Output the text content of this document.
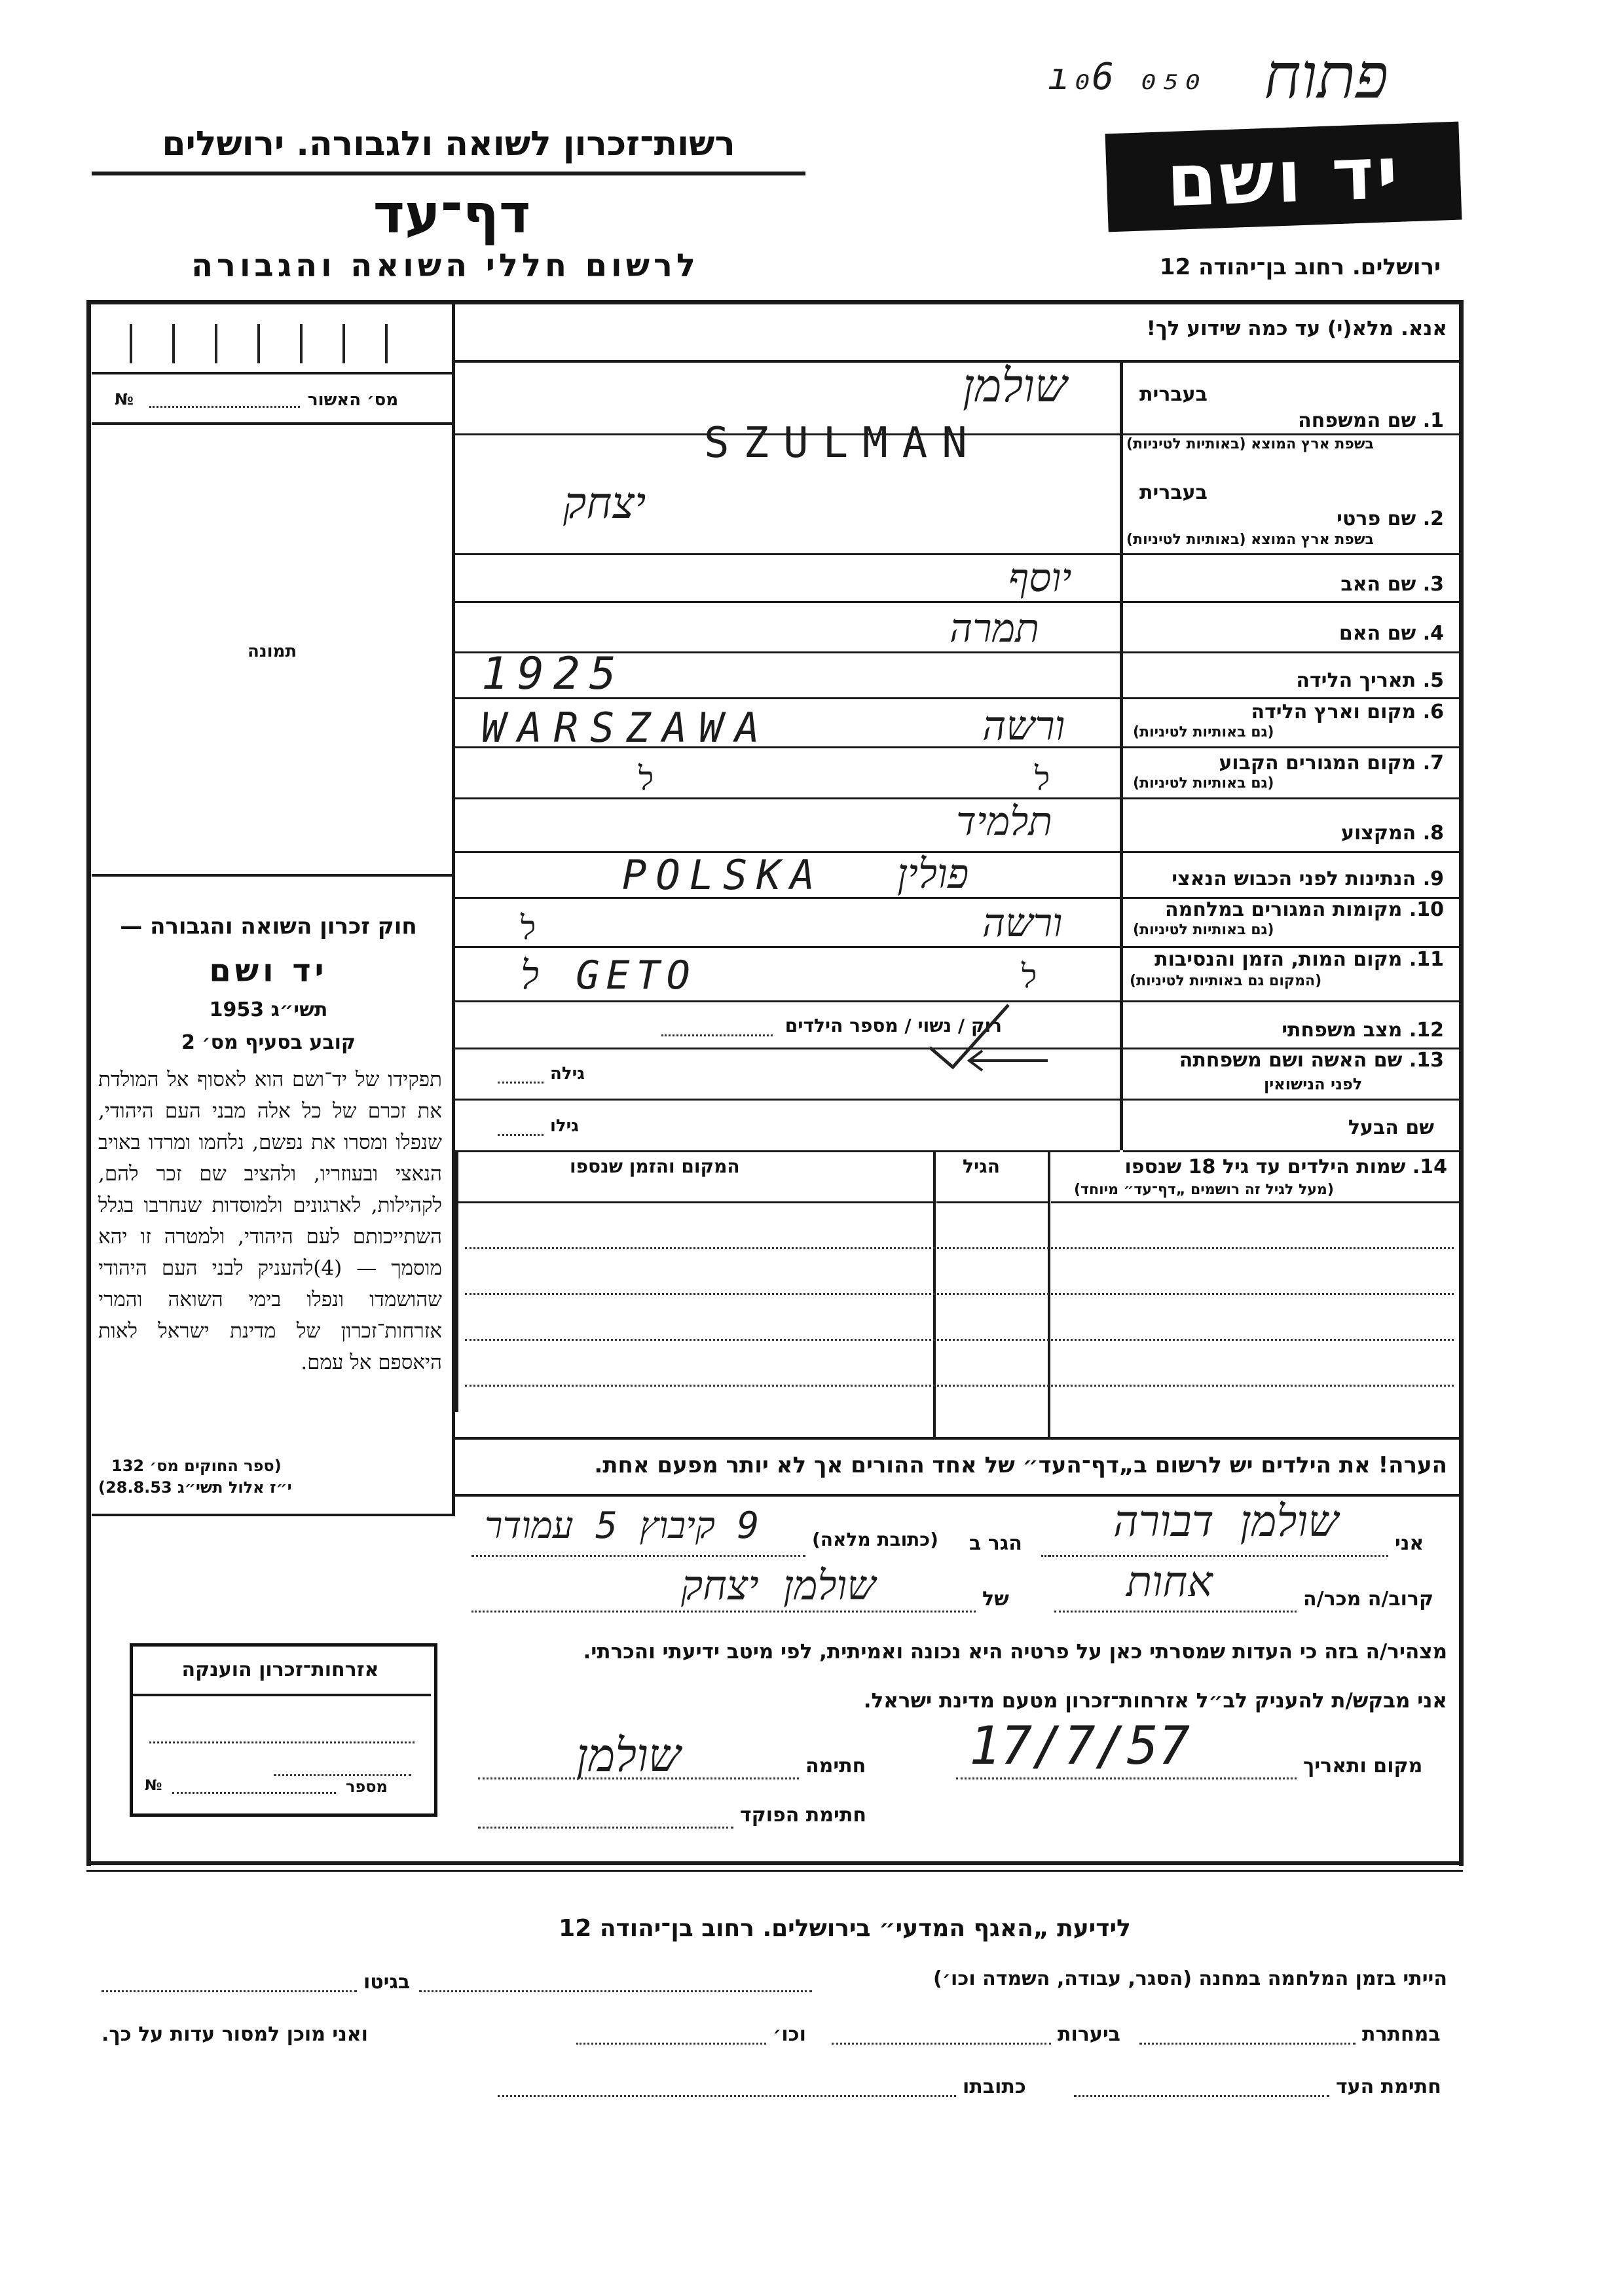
ı₀6 ₀₅₀ פתוח
רשות־זכרון לשואה ולגבורה. ירושלים
דף־עד
לרשום חללי השואה והגבורה
יד ושם
ירושלים. רחוב בן־יהודה 12
№	מס׳ האשור
תמונה
חוק זכרון השואה והגבורה —
יד ושם
תשי״ג 1953
קובע בסעיף מס׳ 2
תפקידו של יד־ושם הוא לאסוף אל המולדת את זכרם של כל אלה מבני העם היהודי, שנפלו ומסרו את נפשם, נלחמו ומרדו באויב הנאצי ובעוזריו, ולהציב שם זכר להם, לקהילות, לארגונים ולמוסדות שנחרבו בגלל השתייכותם לעם היהודי, ולמטרה זו יהא מוסמך — (4)להעניק לבני העם היהודי שהושמדו ונפלו בימי השואה והמרי אזרחות־זכרון של מדינת ישראל לאות היאספם אל עמם.
(ספר החוקים מס׳ 132
י״ז אלול תשי״ג 28.8.53)
אזרחות־זכרון הוענקה
№	מספר
אנא. מלא(י) עד כמה שידוע לך!
בעברית
1. שם המשפחה
בשפת ארץ המוצא (באותיות לטיניות)
שולמן
SZULMAN
בעברית
2. שם פרטי
בשפת ארץ המוצא (באותיות לטיניות)
יצחק
3. שם האב
יוסף
4. שם האם
תמרה
5. תאריך הלידה
1925
6. מקום וארץ הלידה
(גם באותיות לטיניות)
ורשה
WARSZAWA
7. מקום המגורים הקבוע
(גם באותיות לטיניות)
ל
ל
8. המקצוע
תלמיד
9. הנתינות לפני הכבוש הנאצי
פולין
POLSKA
10. מקומות המגורים במלחמה
(גם באותיות לטיניות)
ורשה
ל
11. מקום המות, הזמן והנסיבות
(המקום גם באותיות לטיניות)
ל
ל GETO
12. מצב משפחתי
רוק / נשוי / מספר הילדים
13. שם האשה ושם משפחתה
לפני הנישואין
גילה
שם הבעל
גילו
14. שמות הילדים עד גיל 18 שנספו
(מעל לגיל זה רושמים „דף־עד״ מיוחד)
הגיל
המקום והזמן שנספו
הערה! את הילדים יש לרשום ב„דף־העד״ של אחד ההורים אך לא יותר מפעם אחת.
אני
שולמן דבורה
הגר ב
(כתובת מלאה)
9 קיבוץ 5 עמודר
קרוב/ה מכר/ה
אחות
של
שולמן יצחק
מצהיר/ה בזה כי העדות שמסרתי כאן על פרטיה היא נכונה ואמיתית, לפי מיטב ידיעתי והכרתי.
אני מבקש/ת להעניק לב״ל אזרחות־זכרון מטעם מדינת ישראל.
מקום ותאריך
17/7/57
חתימה
שולמן
חתימת הפוקד
לידיעת „האגף המדעי״ בירושלים. רחוב בן־יהודה 12
הייתי בזמן המלחמה במחנה (הסגר, עבודה, השמדה וכו׳)
בגיטו
במחתרת
ביערות
וכו׳
ואני מוכן למסור עדות על כך.
חתימת העד
כתובתו
